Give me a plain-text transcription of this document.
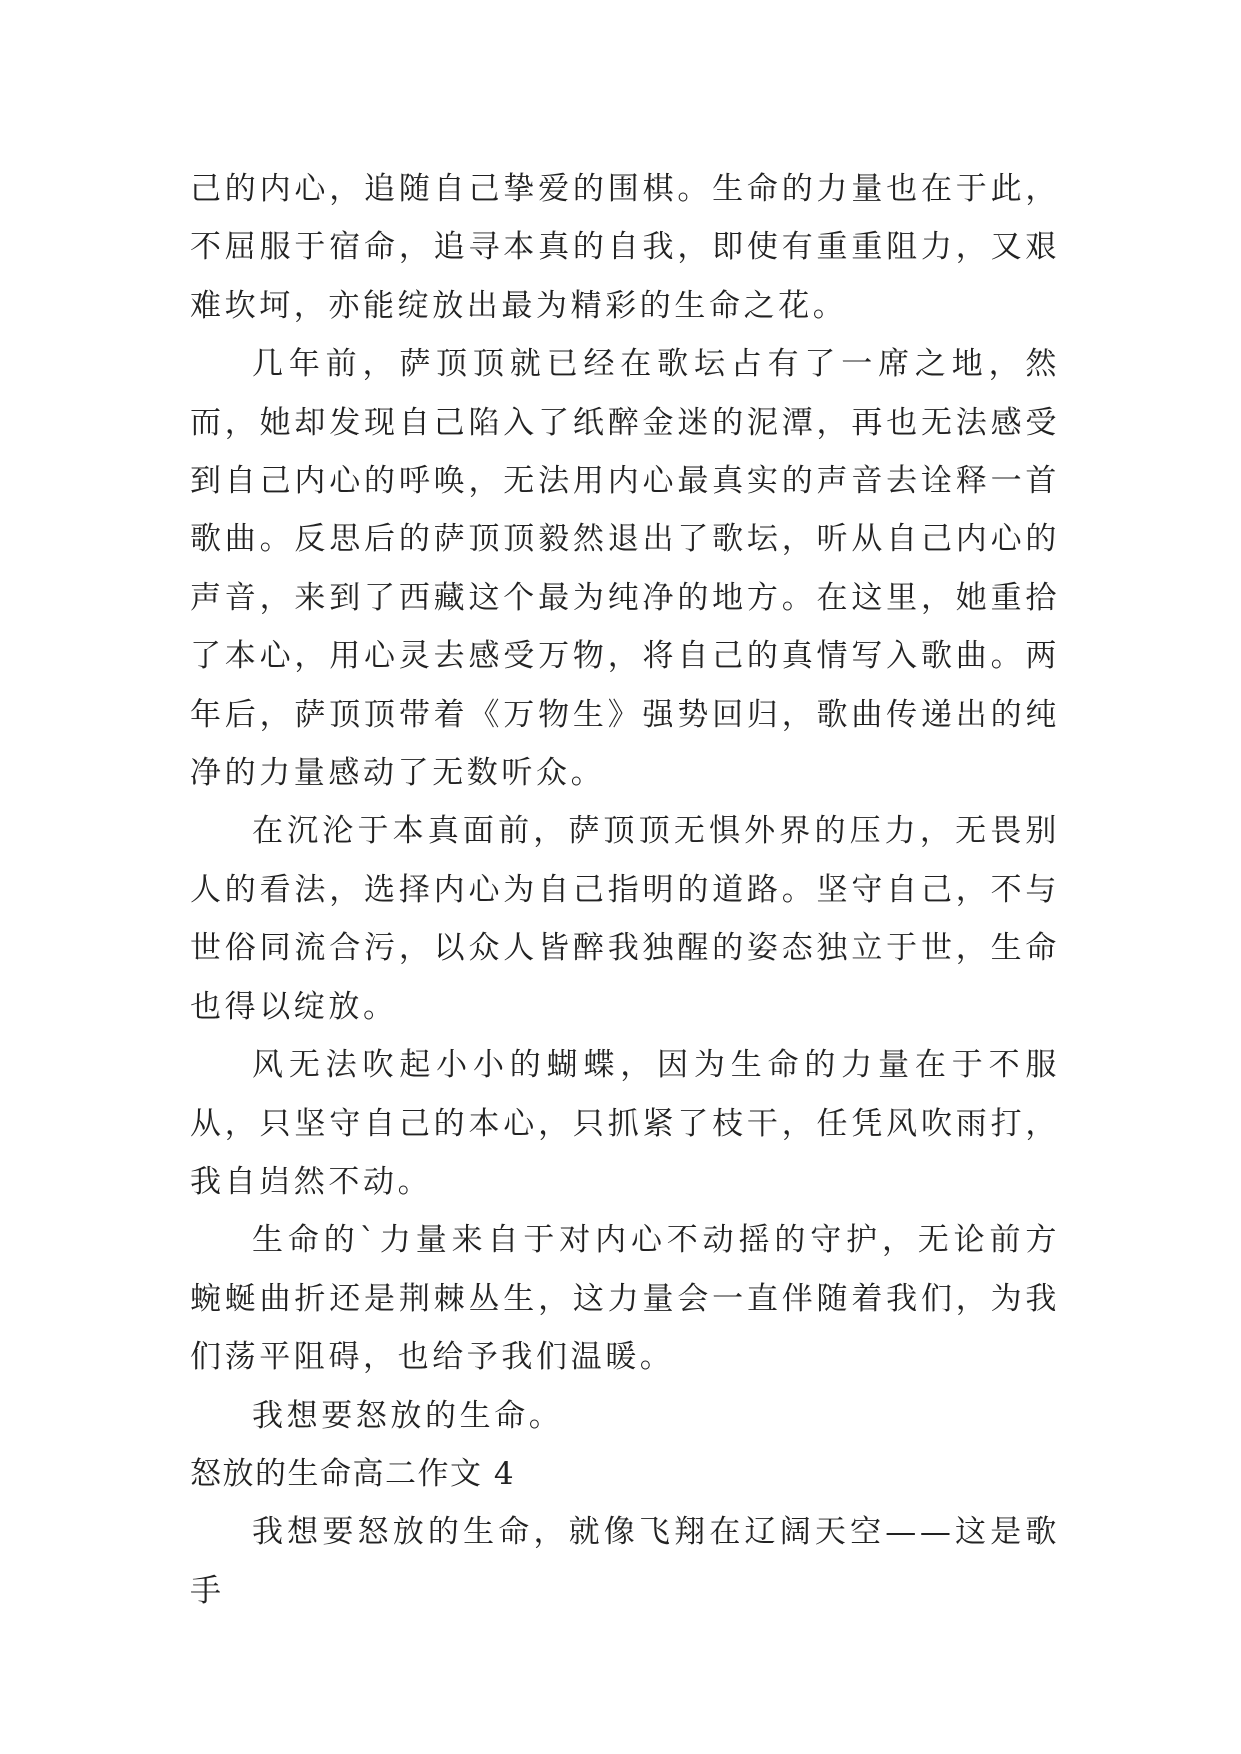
己的内心，追随自己挚爱的围棋。生命的力量也在于此，不屈服于宿命，追寻本真的自我，即使有重重阻力，又艰难坎坷，亦能绽放出最为精彩的生命之花。

几年前，萨顶顶就已经在歌坛占有了一席之地，然而，她却发现自己陷入了纸醉金迷的泥潭，再也无法感受到自己内心的呼唤，无法用内心最真实的声音去诠释一首歌曲。反思后的萨顶顶毅然退出了歌坛，听从自己内心的声音，来到了西藏这个最为纯净的地方。在这里，她重拾了本心，用心灵去感受万物，将自己的真情写入歌曲。两年后，萨顶顶带着《万物生》强势回归，歌曲传递出的纯净的力量感动了无数听众。

在沉沦于本真面前，萨顶顶无惧外界的压力，无畏别人的看法，选择内心为自己指明的道路。坚守自己，不与世俗同流合污，以众人皆醉我独醒的姿态独立于世，生命也得以绽放。

风无法吹起小小的蝴蝶，因为生命的力量在于不服从，只坚守自己的本心，只抓紧了枝干，任凭风吹雨打，我自岿然不动。

生命的`力量来自于对内心不动摇的守护，无论前方蜿蜒曲折还是荆棘丛生，这力量会一直伴随着我们，为我们荡平阻碍，也给予我们温暖。

我想要怒放的生命。

怒放的生命高二作文 4

我想要怒放的生命，就像飞翔在辽阔天空——这是歌手
